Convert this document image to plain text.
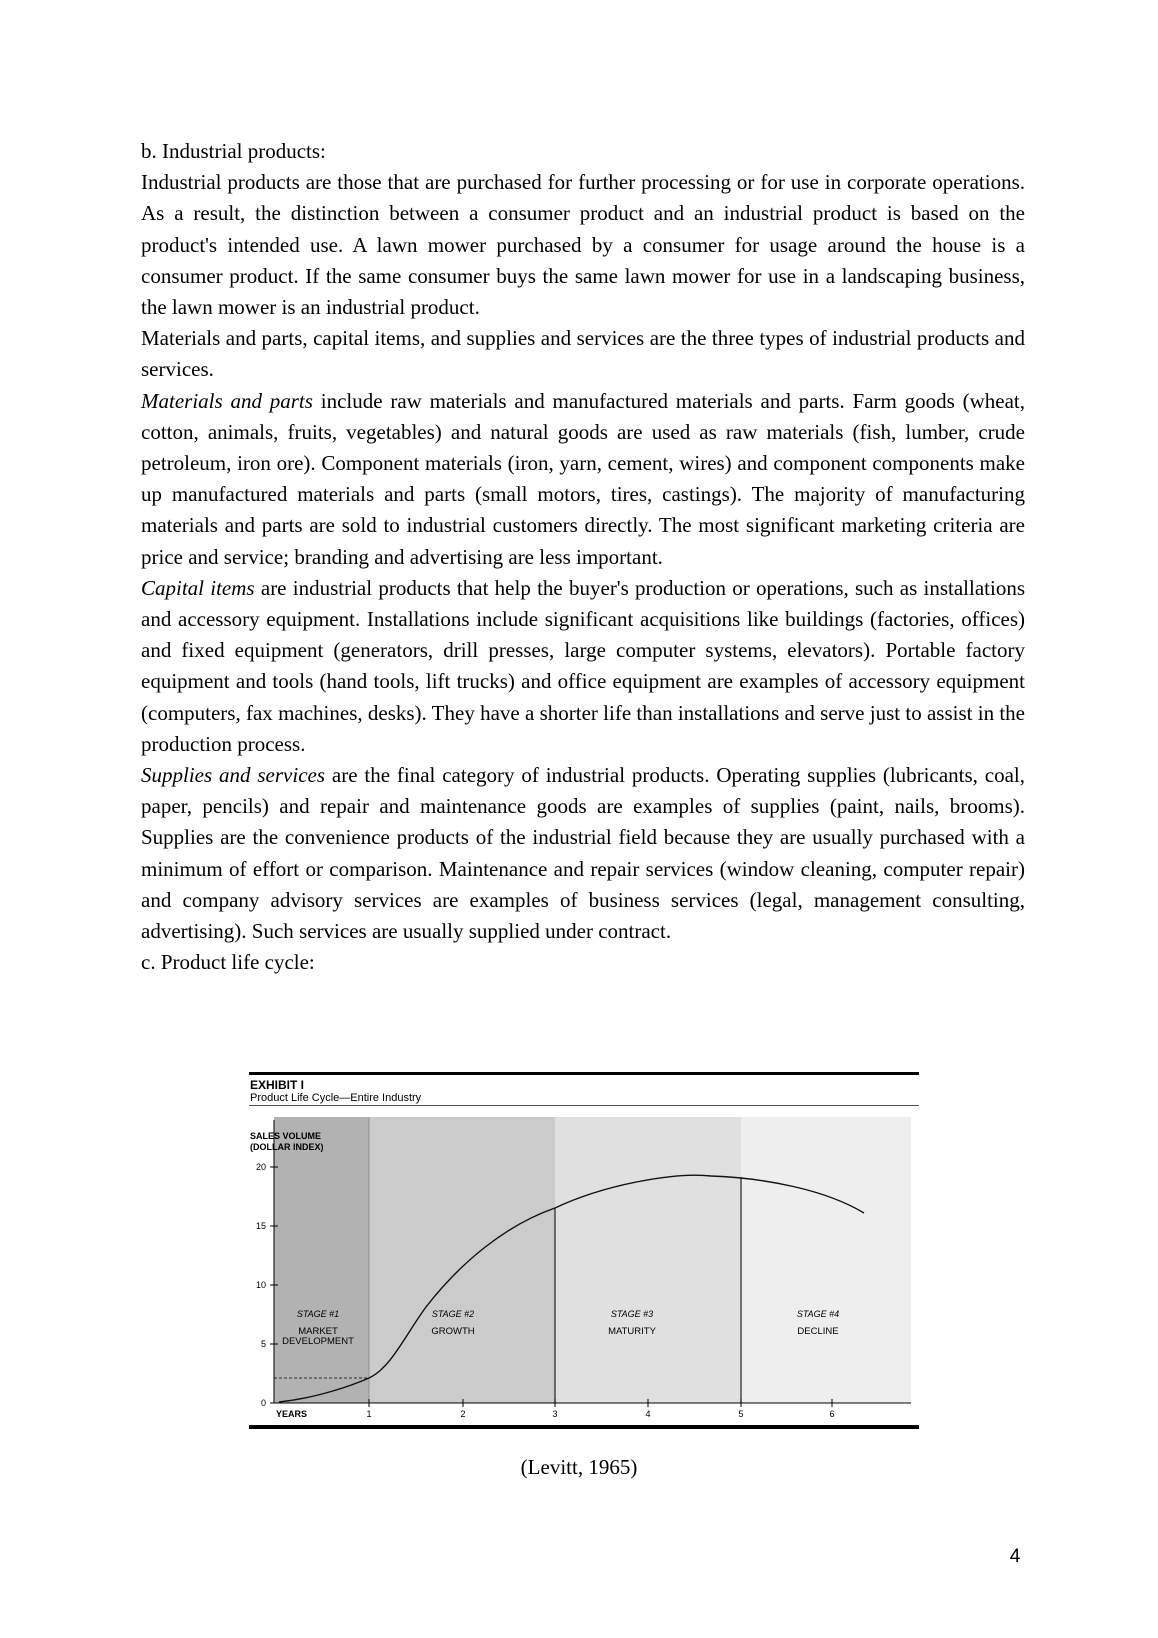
b. Industrial products:

Industrial products are those that are purchased for further processing or for use in corporate operations. As a result, the distinction between a consumer product and an industrial product is based on the product's intended use. A lawn mower purchased by a consumer for usage around the house is a consumer product. If the same consumer buys the same lawn mower for use in a landscaping business, the lawn mower is an industrial product.

Materials and parts, capital items, and supplies and services are the three types of industrial products and services.

Materials and parts include raw materials and manufactured materials and parts. Farm goods (wheat, cotton, animals, fruits, vegetables) and natural goods are used as raw materials (fish, lumber, crude petroleum, iron ore). Component materials (iron, yarn, cement, wires) and component components make up manufactured materials and parts (small motors, tires, castings). The majority of manufacturing materials and parts are sold to industrial customers directly. The most significant marketing criteria are price and service; branding and advertising are less important.

Capital items are industrial products that help the buyer's production or operations, such as installations and accessory equipment. Installations include significant acquisitions like buildings (factories, offices) and fixed equipment (generators, drill presses, large computer systems, elevators). Portable factory equipment and tools (hand tools, lift trucks) and office equipment are examples of accessory equipment (computers, fax machines, desks). They have a shorter life than installations and serve just to assist in the production process.

Supplies and services are the final category of industrial products. Operating supplies (lubricants, coal, paper, pencils) and repair and maintenance goods are examples of supplies (paint, nails, brooms). Supplies are the convenience products of the industrial field because they are usually purchased with a minimum of effort or comparison. Maintenance and repair services (window cleaning, computer repair) and company advisory services are examples of business services (legal, management consulting, advertising). Such services are usually supplied under contract.

c. Product life cycle:

EXHIBIT I
Product Life Cycle—Entire Industry
SALES VOLUME
(DOLLAR INDEX)
0
5
10
15
20
YEARS	1	2	3	4	5	6
STAGE #1
MARKET
DEVELOPMENT
STAGE #2
GROWTH
STAGE #3
MATURITY
STAGE #4
DECLINE
(Levitt, 1965)
4
